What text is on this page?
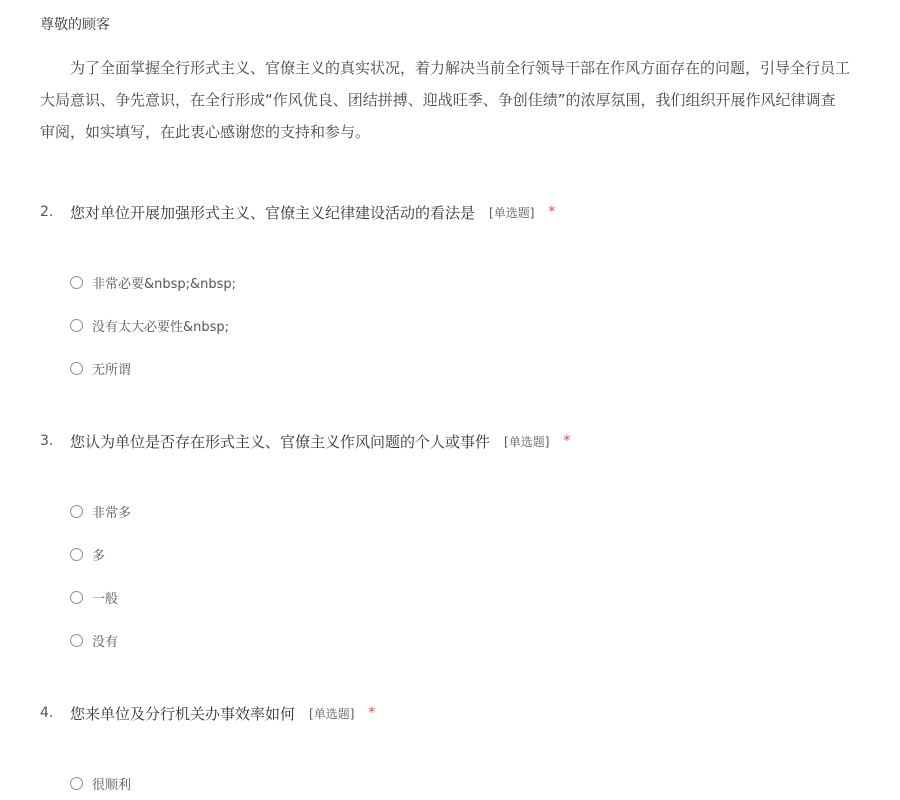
尊敬的顾客
为了全面掌握全行形式主义、官僚主义的真实状况，着力解决当前全行领导干部在作风方面存在的问题，引导全行员工
大局意识、争先意识，在全行形成“作风优良、团结拼搏、迎战旺季、争创佳绩”的浓厚氛围，我们组织开展作风纪律调查
审阅，如实填写，在此衷心感谢您的支持和参与。
2.	您对单位开展加强形式主义、官僚主义纪律建设活动的看法是 [单选题] *
非常必要&nbsp;&nbsp;
没有太大必要性&nbsp;
无所谓
3.	您认为单位是否存在形式主义、官僚主义作风问题的个人或事件 [单选题] *
非常多
多
一般
没有
4.	您来单位及分行机关办事效率如何 [单选题] *
很顺利
